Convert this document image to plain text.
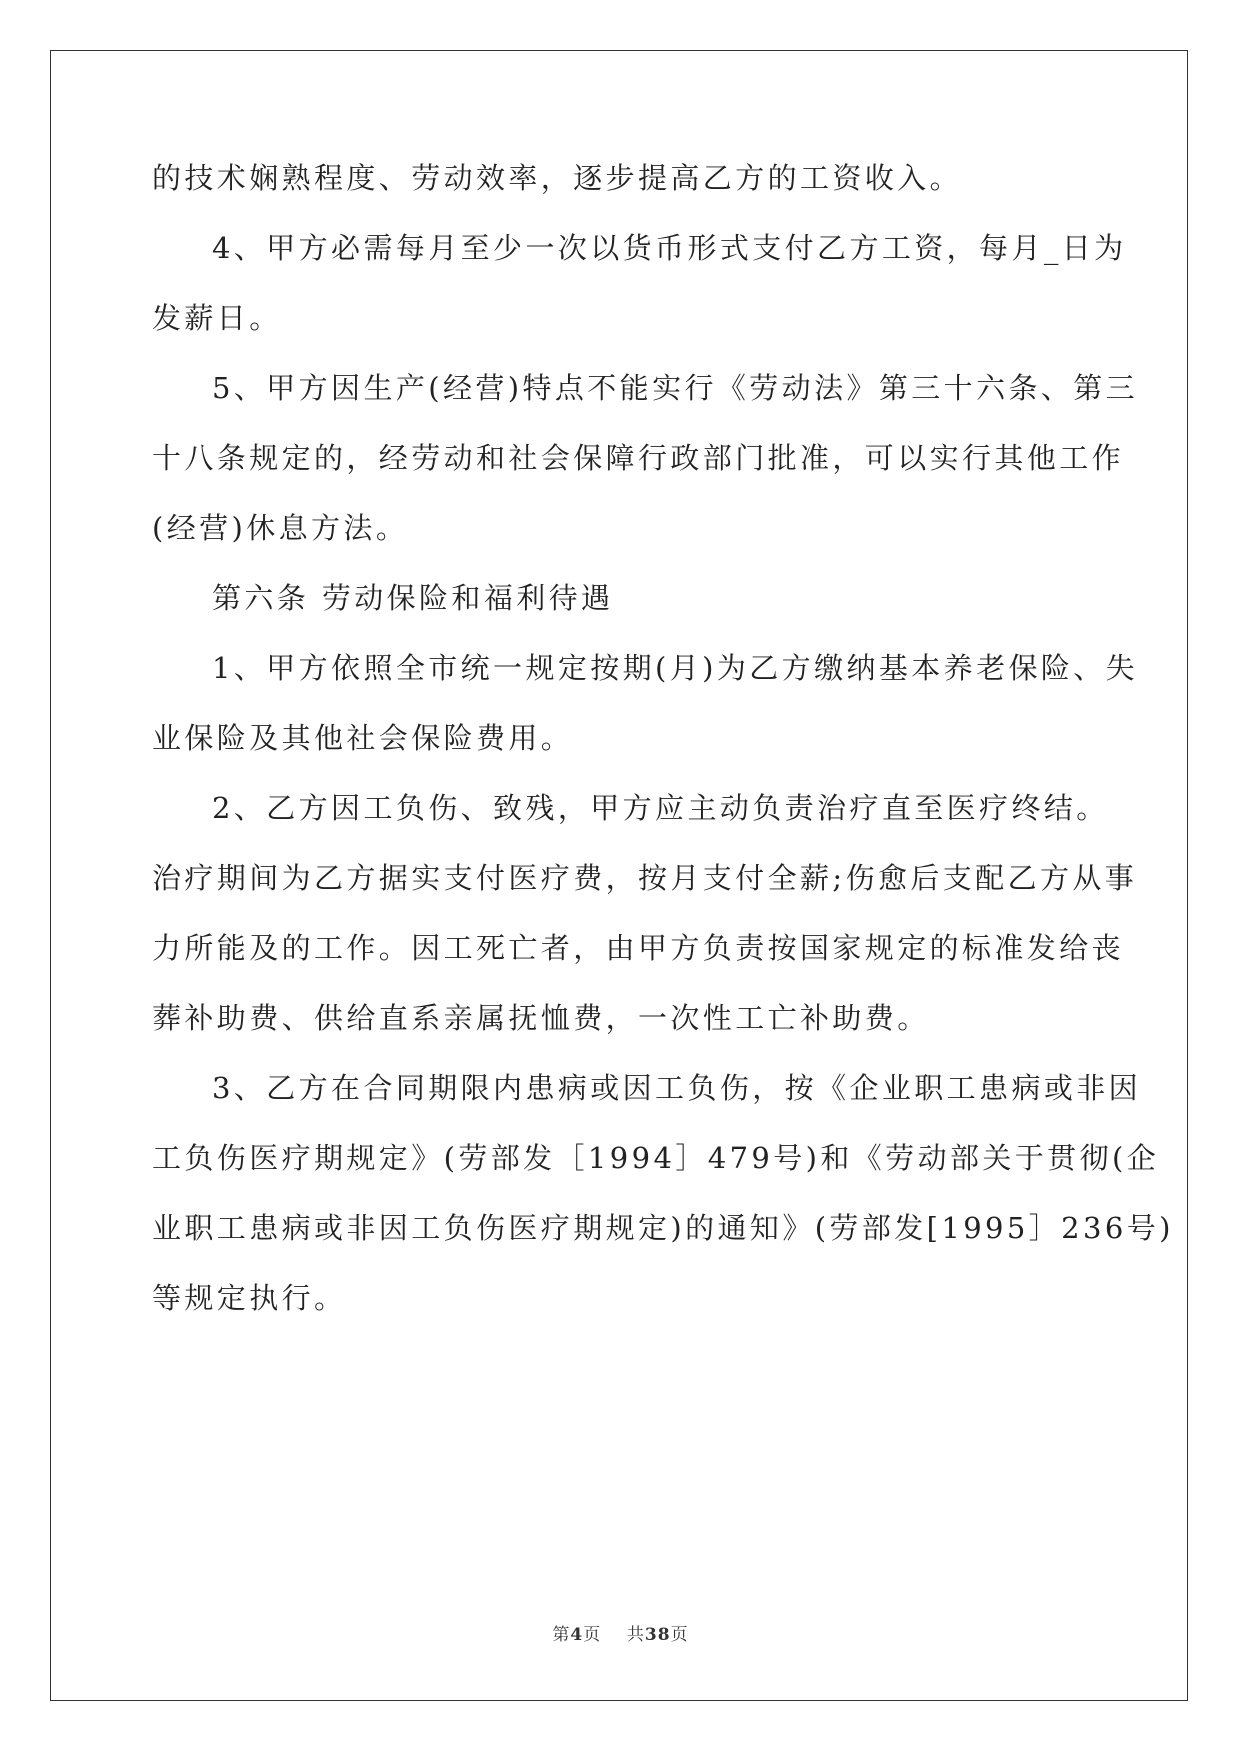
的技术娴熟程度、劳动效率，逐步提高乙方的工资收入。
4、甲方必需每月至少一次以货币形式支付乙方工资，每月_日为
发薪日。
5、甲方因生产(经营)特点不能实行《劳动法》第三十六条、第三
十八条规定的，经劳动和社会保障行政部门批准，可以实行其他工作
(经营)休息方法。
第六条 劳动保险和福利待遇
1、甲方依照全市统一规定按期(月)为乙方缴纳基本养老保险、失
业保险及其他社会保险费用。
2、乙方因工负伤、致残，甲方应主动负责治疗直至医疗终结。
治疗期间为乙方据实支付医疗费，按月支付全薪;伤愈后支配乙方从事
力所能及的工作。因工死亡者，由甲方负责按国家规定的标准发给丧
葬补助费、供给直系亲属抚恤费，一次性工亡补助费。
3、乙方在合同期限内患病或因工负伤，按《企业职工患病或非因
工负伤医疗期规定》(劳部发［1994］479号)和《劳动部关于贯彻(企
业职工患病或非因工负伤医疗期规定)的通知》(劳部发[1995］236号)
等规定执行。
第4页 共38页
